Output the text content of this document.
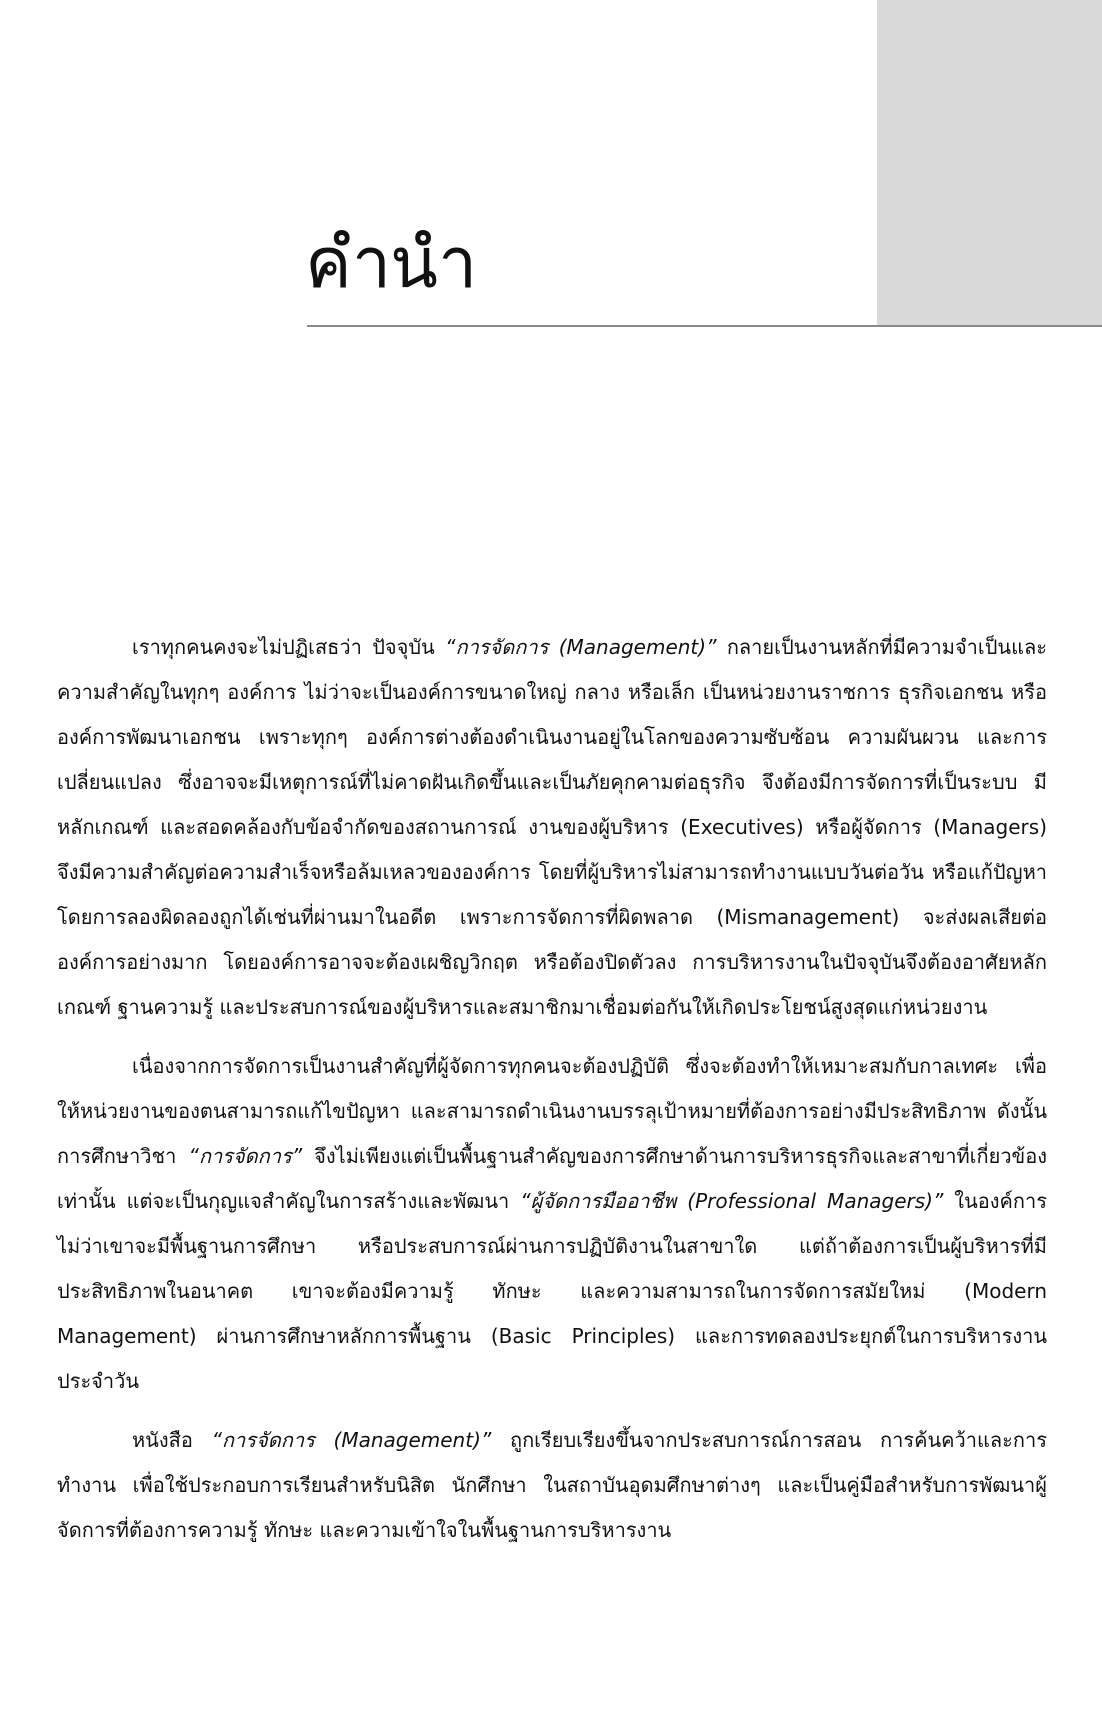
คำนำ

เราทุกคนคงจะไม่ปฏิเสธว่า ปัจจุบัน “การจัดการ (Management)” กลายเป็นงานหลักที่มีความจำเป็นและความสำคัญในทุกๆ องค์การ ไม่ว่าจะเป็นองค์การขนาดใหญ่ กลาง หรือเล็ก เป็นหน่วยงานราชการ ธุรกิจเอกชน หรือองค์การพัฒนาเอกชน เพราะทุกๆ องค์การต่างต้องดำเนินงานอยู่ในโลกของความซับซ้อน ความผันผวน และการเปลี่ยนแปลง ซึ่งอาจจะมีเหตุการณ์ที่ไม่คาดฝันเกิดขึ้นและเป็นภัยคุกคามต่อธุรกิจ จึงต้องมีการจัดการที่เป็นระบบ มีหลักเกณฑ์ และสอดคล้องกับข้อจำกัดของสถานการณ์ งานของผู้บริหาร (Executives) หรือผู้จัดการ (Managers) จึงมีความสำคัญต่อความสำเร็จหรือล้มเหลวขององค์การ โดยที่ผู้บริหารไม่สามารถทำงานแบบวันต่อวัน หรือแก้ปัญหาโดยการลองผิดลองถูกได้เช่นที่ผ่านมาในอดีต เพราะการจัดการที่ผิดพลาด (Mismanagement) จะส่งผลเสียต่อองค์การอย่างมาก โดยองค์การอาจจะต้องเผชิญวิกฤต หรือต้องปิดตัวลง การบริหารงานในปัจจุบันจึงต้องอาศัยหลักเกณฑ์ ฐานความรู้ และประสบการณ์ของผู้บริหารและสมาชิกมาเชื่อมต่อกันให้เกิดประโยชน์สูงสุดแก่หน่วยงาน

เนื่องจากการจัดการเป็นงานสำคัญที่ผู้จัดการทุกคนจะต้องปฏิบัติ ซึ่งจะต้องทำให้เหมาะสมกับกาลเทศะ เพื่อให้หน่วยงานของตนสามารถแก้ไขปัญหา และสามารถดำเนินงานบรรลุเป้าหมายที่ต้องการอย่างมีประสิทธิภาพ ดังนั้น การศึกษาวิชา “การจัดการ” จึงไม่เพียงแต่เป็นพื้นฐานสำคัญของการศึกษาด้านการบริหารธุรกิจและสาขาที่เกี่ยวข้องเท่านั้น แต่จะเป็นกุญแจสำคัญในการสร้างและพัฒนา “ผู้จัดการมืออาชีพ (Professional Managers)” ในองค์การ ไม่ว่าเขาจะมีพื้นฐานการศึกษา หรือประสบการณ์ผ่านการปฏิบัติงานในสาขาใด แต่ถ้าต้องการเป็นผู้บริหารที่มีประสิทธิภาพในอนาคต เขาจะต้องมีความรู้ ทักษะ และความสามารถในการจัดการสมัยใหม่ (Modern Management) ผ่านการศึกษาหลักการพื้นฐาน (Basic Principles) และการทดลองประยุกต์ในการบริหารงานประจำวัน

หนังสือ “การจัดการ (Management)” ถูกเรียบเรียงขึ้นจากประสบการณ์การสอน การค้นคว้าและการทำงาน เพื่อใช้ประกอบการเรียนสำหรับนิสิต นักศึกษา ในสถาบันอุดมศึกษาต่างๆ และเป็นคู่มือสำหรับการพัฒนาผู้จัดการที่ต้องการความรู้ ทักษะ และความเข้าใจในพื้นฐานการบริหารงาน
